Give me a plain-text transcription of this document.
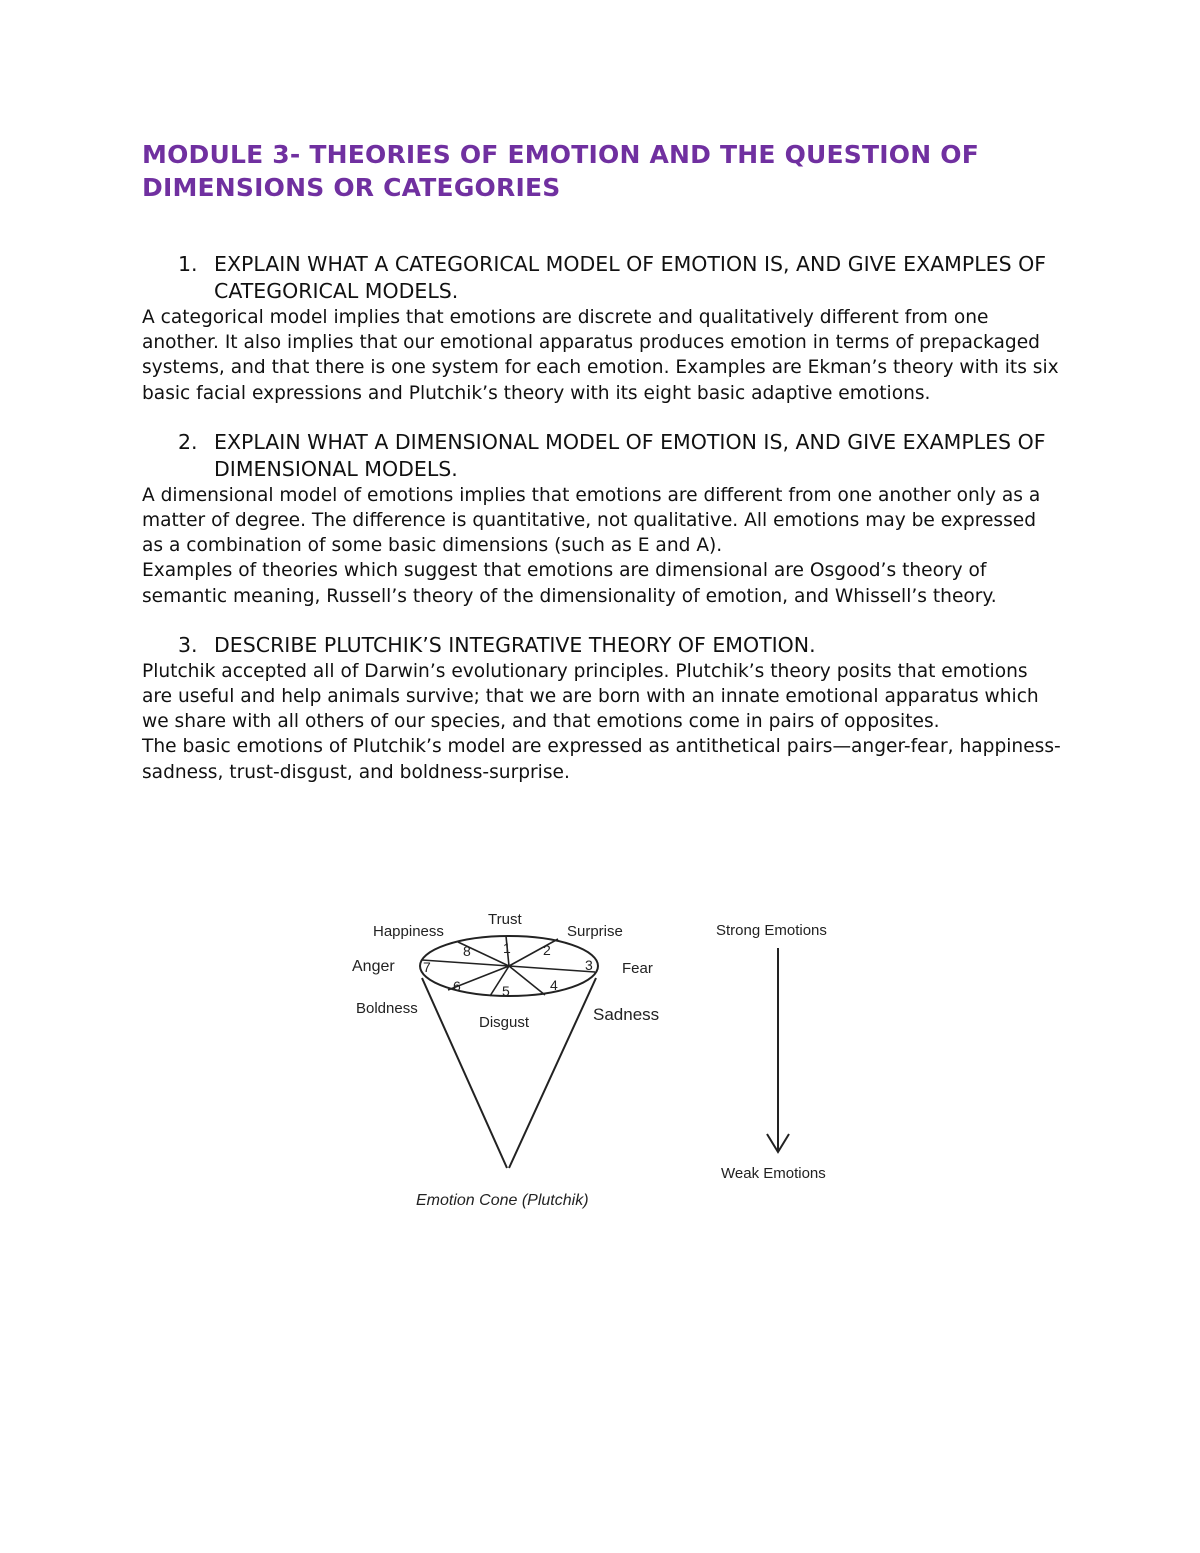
MODULE 3- THEORIES OF EMOTION AND THE QUESTION OF DIMENSIONS OR CATEGORIES
1. EXPLAIN WHAT A CATEGORICAL MODEL OF EMOTION IS, AND GIVE EXAMPLES OF CATEGORICAL MODELS.

A categorical model implies that emotions are discrete and qualitatively different from one another. It also implies that our emotional apparatus produces emotion in terms of prepackaged systems, and that there is one system for each emotion. Examples are Ekman’s theory with its six basic facial expressions and Plutchik’s theory with its eight basic adaptive emotions.

2. EXPLAIN WHAT A DIMENSIONAL MODEL OF EMOTION IS, AND GIVE EXAMPLES OF DIMENSIONAL MODELS.

A dimensional model of emotions implies that emotions are different from one another only as a matter of degree. The difference is quantitative, not qualitative. All emotions may be expressed as a combination of some basic dimensions (such as E and A).

Examples of theories which suggest that emotions are dimensional are Osgood’s theory of semantic meaning, Russell’s theory of the dimensionality of emotion, and Whissell’s theory.

3. DESCRIBE PLUTCHIK’S INTEGRATIVE THEORY OF EMOTION.

Plutchik accepted all of Darwin’s evolutionary principles. Plutchik’s theory posits that emotions are useful and help animals survive; that we are born with an innate emotional apparatus which we share with all others of our species, and that emotions come in pairs of opposites.

The basic emotions of Plutchik’s model are expressed as antithetical pairs—anger-fear, happiness-sadness, trust-disgust, and boldness-surprise.

1 2
3
4
5
6
7
8
Trust
Happiness	Surprise
Anger	Fear
Boldness
Disgust	Sadness
Strong Emotions
Weak Emotions
Emotion Cone (Plutchik)
